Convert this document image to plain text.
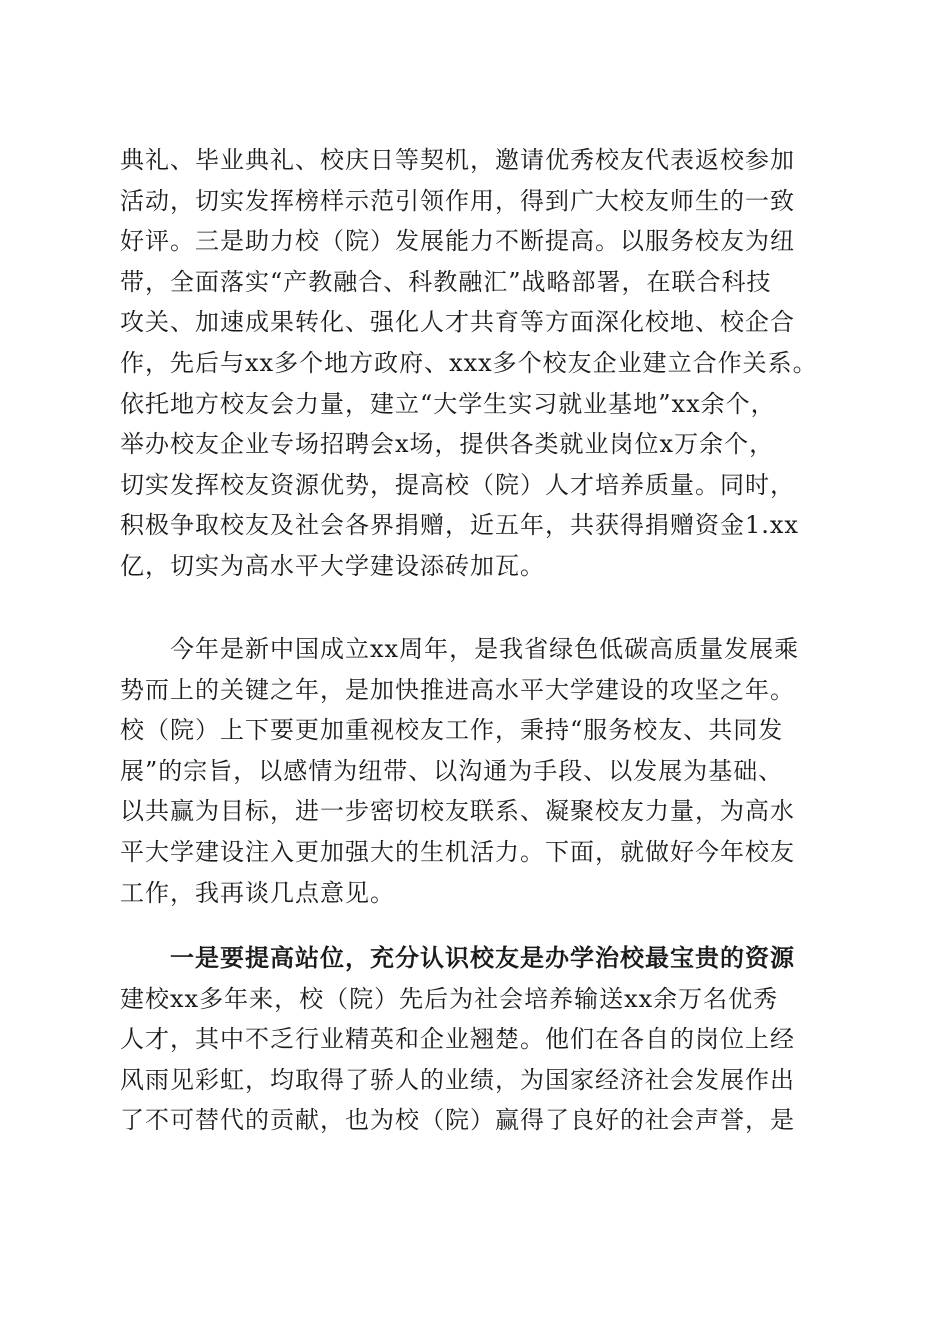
典礼、毕业典礼、校庆日等契机，邀请优秀校友代表返校参加
活动，切实发挥榜样示范引领作用，得到广大校友师生的一致
好评。三是助力校（院）发展能力不断提高。以服务校友为纽
带，全面落实“产教融合、科教融汇”战略部署，在联合科技
攻关、加速成果转化、强化人才共育等方面深化校地、校企合
作，先后与xx多个地方政府、xxx多个校友企业建立合作关系。
依托地方校友会力量，建立“大学生实习就业基地”xx余个，
举办校友企业专场招聘会x场，提供各类就业岗位x万余个，
切实发挥校友资源优势，提高校（院）人才培养质量。同时，
积极争取校友及社会各界捐赠，近五年，共获得捐赠资金1.xx
亿，切实为高水平大学建设添砖加瓦。
　　今年是新中国成立xx周年，是我省绿色低碳高质量发展乘
势而上的关键之年，是加快推进高水平大学建设的攻坚之年。
校（院）上下要更加重视校友工作，秉持“服务校友、共同发
展”的宗旨，以感情为纽带、以沟通为手段、以发展为基础、
以共赢为目标，进一步密切校友联系、凝聚校友力量，为高水
平大学建设注入更加强大的生机活力。下面，就做好今年校友
工作，我再谈几点意见。
　　一是要提高站位，充分认识校友是办学治校最宝贵的资源
建校xx多年来，校（院）先后为社会培养输送xx余万名优秀
人才，其中不乏行业精英和企业翘楚。他们在各自的岗位上经
风雨见彩虹，均取得了骄人的业绩，为国家经济社会发展作出
了不可替代的贡献，也为校（院）赢得了良好的社会声誉，是
